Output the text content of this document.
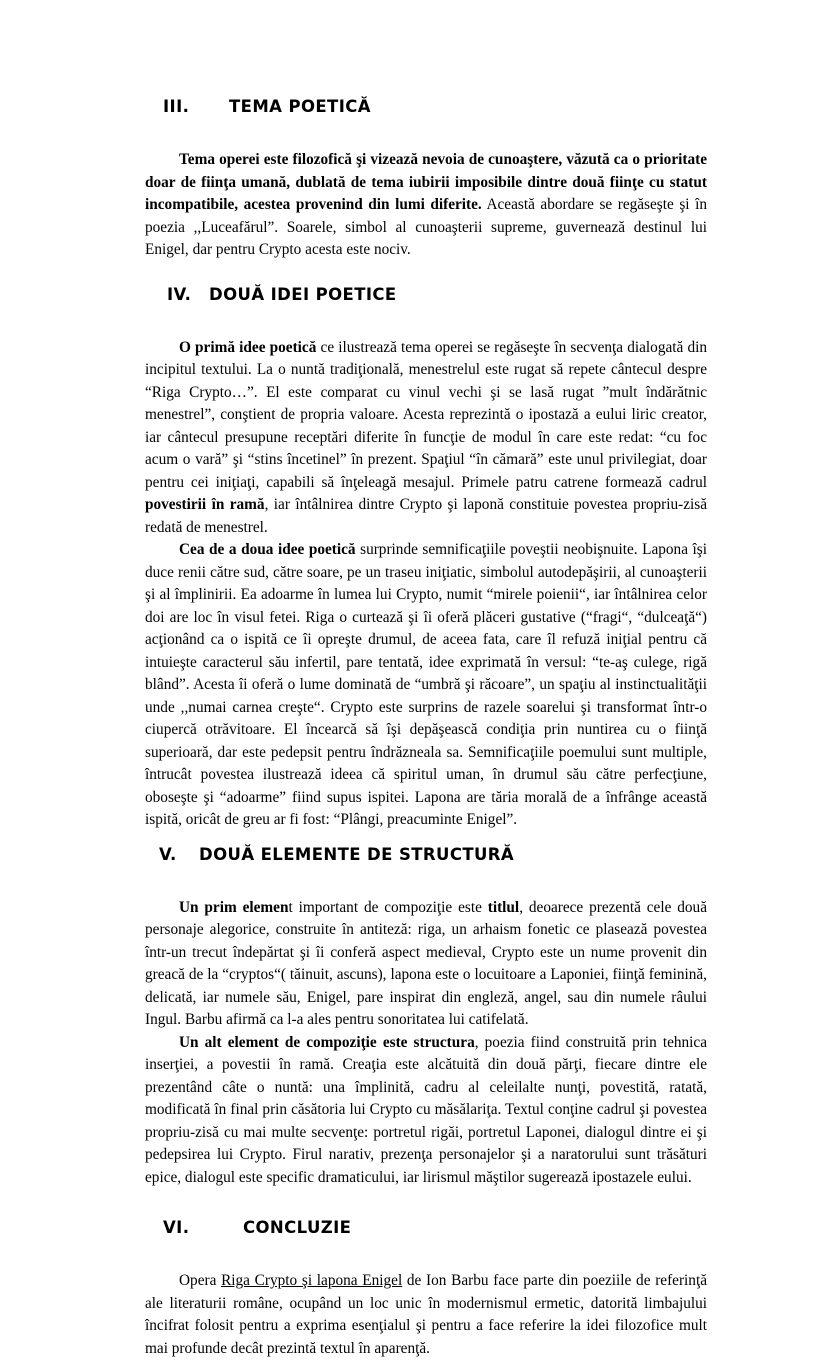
III. TEMA POETICĂ

Tema operei este filozofică şi vizează nevoia de cunoaştere, văzută ca o prioritate doar de fiinţa umană, dublată de tema iubirii imposibile dintre două fiinţe cu statut incompatibile, acestea provenind din lumi diferite. Această abordare se regăseşte şi în poezia ,,Luceafărul”. Soarele, simbol al cunoaşterii supreme, guvernează destinul lui Enigel, dar pentru Crypto acesta este nociv.

IV. DOUĂ IDEI POETICE

O primă idee poetică ce ilustrează tema operei se regăseşte în secvenţa dialogată din incipitul textului. La o nuntă tradiţională, menestrelul este rugat să repete cântecul despre “Riga Crypto…”. El este comparat cu vinul vechi şi se lasă rugat ”mult îndărătnic menestrel”, conştient de propria valoare. Acesta reprezintă o ipostază a eului liric creator, iar cântecul presupune receptări diferite în funcţie de modul în care este redat: “cu foc acum o vară” şi “stins încetinel” în prezent. Spaţiul “în cămară” este unul privilegiat, doar pentru cei iniţiaţi, capabili să înţeleagă mesajul. Primele patru catrene formează cadrul povestirii în ramă, iar întâlnirea dintre Crypto şi laponă constituie povestea propriu-zisă redată de menestrel.

Cea de a doua idee poetică surprinde semnificaţiile poveştii neobişnuite. Lapona îşi duce renii către sud, către soare, pe un traseu iniţiatic, simbolul autodepăşirii, al cunoaşterii şi al împlinirii. Ea adoarme în lumea lui Crypto, numit “mirele poienii“, iar întâlnirea celor doi are loc în visul fetei. Riga o curtează şi îi oferă plăceri gustative (“fragi“, “dulceaţă“) acţionând ca o ispită ce îi opreşte drumul, de aceea fata, care îl refuză iniţial pentru că intuieşte caracterul său infertil, pare tentată, idee exprimată în versul: “te-aş culege, rigă blând”. Acesta îi oferă o lume dominată de “umbră şi răcoare”, un spaţiu al instinctualităţii unde ,,numai carnea creşte“. Crypto este surprins de razele soarelui şi transformat într-o ciupercă otrăvitoare. El încearcă să îşi depăşească condiţia prin nuntirea cu o fiinţă superioară, dar este pedepsit pentru îndrăzneala sa. Semnificaţiile poemului sunt multiple, întrucât povestea ilustrează ideea că spiritul uman, în drumul său către perfecţiune, oboseşte şi “adoarme” fiind supus ispitei. Lapona are tăria morală de a înfrânge această ispită, oricât de greu ar fi fost: “Plângi, preacuminte Enigel”.

V. DOUĂ ELEMENTE DE STRUCTURĂ

Un prim element important de compoziţie este titlul, deoarece prezentă cele două personaje alegorice, construite în antiteză: riga, un arhaism fonetic ce plasează povestea într-un trecut îndepărtat şi îi conferă aspect medieval, Crypto este un nume provenit din greacă de la “cryptos“( tăinuit, ascuns), lapona este o locuitoare a Laponiei, fiinţă feminină, delicată, iar numele său, Enigel, pare inspirat din engleză, angel, sau din numele râului Ingul. Barbu afirmă ca l-a ales pentru sonoritatea lui catifelată.

Un alt element de compoziţie este structura, poezia fiind construită prin tehnica inserţiei, a povestii în ramă. Creaţia este alcătuită din două părţi, fiecare dintre ele prezentând câte o nuntă: una împlinită, cadru al celeilalte nunţi, povestită, ratată, modificată în final prin căsătoria lui Crypto cu măsălariţa. Textul conţine cadrul şi povestea propriu-zisă cu mai multe secvenţe: portretul rigăi, portretul Laponei, dialogul dintre ei şi pedepsirea lui Crypto. Firul narativ, prezenţa personajelor şi a naratorului sunt trăsături epice, dialogul este specific dramaticului, iar lirismul măştilor sugerează ipostazele eului.

VI.	CONCLUZIE

Opera Riga Crypto şi lapona Enigel de Ion Barbu face parte din poeziile de referinţă ale literaturii române, ocupând un loc unic în modernismul ermetic, datorită limbajului încifrat folosit pentru a exprima esenţialul şi pentru a face referire la idei filozofice mult mai profunde decât prezintă textul în aparenţă.
